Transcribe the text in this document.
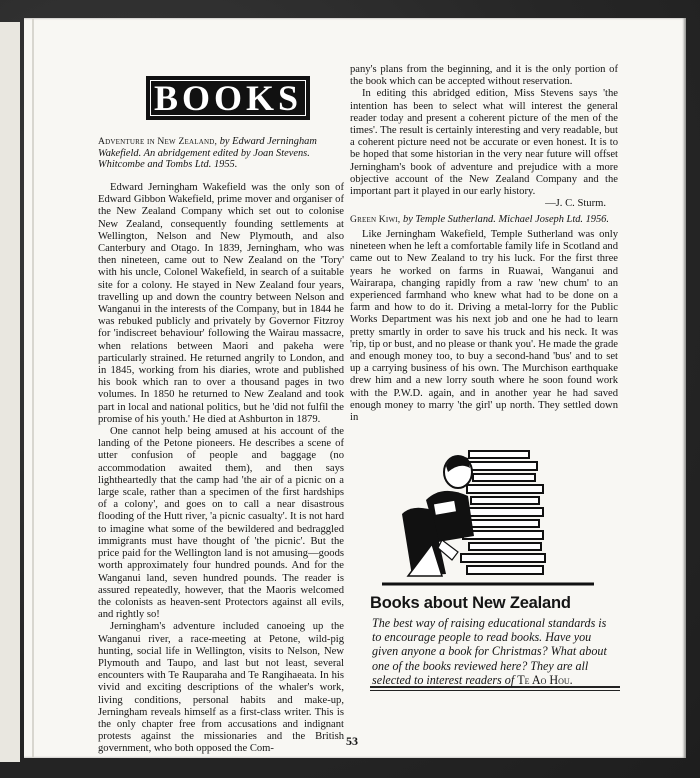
BOOKS

Adventure in New Zealand, by Edward Jerningham Wakefield. An abridgement edited by Joan Stevens. Whitcombe and Tombs Ltd. 1955.

Edward Jerningham Wakefield was the only son of Edward Gibbon Wakefield, prime mover and organiser of the New Zealand Company which set out to colonise New Zealand, consequently founding settlements at Wellington, Nelson and New Plymouth, and also Canterbury and Otago. In 1839, Jerningham, who was then nineteen, came out to New Zealand on the 'Tory' with his uncle, Colonel Wakefield, in search of a suitable site for a colony. He stayed in New Zealand four years, travelling up and down the country between Nelson and Wanganui in the interests of the Company, but in 1844 he was rebuked publicly and privately by Governor Fitzroy for 'indiscreet behaviour' following the Wairau massacre, when relations between Maori and pakeha were particularly strained. He returned angrily to London, and in 1845, working from his diaries, wrote and published his book which ran to over a thousand pages in two volumes. In 1850 he returned to New Zealand and took part in local and national politics, but he 'did not fulfil the promise of his youth.' He died at Ashburton in 1879.

One cannot help being amused at his account of the landing of the Petone pioneers. He describes a scene of utter confusion of people and baggage (no accommodation awaited them), and then says lightheartedly that the camp had 'the air of a picnic on a large scale, rather than a specimen of the first hardships of a colony', and goes on to call a near disastrous flooding of the Hutt river, 'a picnic casualty'. It is not hard to imagine what some of the bewildered and bedraggled immigrants must have thought of 'the picnic'. But the price paid for the Wellington land is not amusing—goods worth approximately four hundred pounds. And for the Wanganui land, seven hundred pounds. The reader is assured repeatedly, however, that the Maoris welcomed the colonists as heaven-sent Protectors against all evils, and rightly so!

Jerningham's adventure included canoeing up the Wanganui river, a race-meeting at Petone, wild-pig hunting, social life in Wellington, visits to Nelson, New Plymouth and Taupo, and last but not least, several encounters with Te Rauparaha and Te Rangihaeata. In his vivid and exciting descriptions of the whaler's work, living conditions, personal habits and make-up, Jerningham reveals himself as a first-class writer. This is the only chapter free from accusations and indignant protests against the missionaries and the British government, who both opposed the Com-

pany's plans from the beginning, and it is the only portion of the book which can be accepted without reservation.

In editing this abridged edition, Miss Stevens says 'the intention has been to select what will interest the general reader today and present a coherent picture of the men of the times'. The result is certainly interesting and very readable, but a coherent picture need not be accurate or even honest. It is to be hoped that some historian in the very near future will offset Jerningham's book of adventure and prejudice with a more objective account of the New Zealand Company and the important part it played in our early history.

—J. C. Sturm.

Green Kiwi, by Temple Sutherland. Michael Joseph Ltd. 1956.

Like Jerningham Wakefield, Temple Sutherland was only nineteen when he left a comfortable family life in Scotland and came out to New Zealand to try his luck. For the first three years he worked on farms in Ruawai, Wanganui and Wairarapa, changing rapidly from a raw 'new chum' to an experienced farmhand who knew what had to be done on a farm and how to do it. Driving a metal-lorry for the Public Works Department was his next job and one he had to learn pretty smartly in order to save his truck and his neck. It was 'rip, tip or bust, and no please or thank you'. He made the grade and enough money too, to buy a second-hand 'bus' and to set up a carrying business of his own. The Murchison earthquake drew him and a new lorry south where he soon found work with the P.W.D. again, and in another year he had saved enough money to marry 'the girl' up north. They settled down in

Books about New Zealand
The best way of raising educational standards is to encourage people to read books. Have you given anyone a book for Christmas? What about one of the books reviewed here? They are all selected to interest readers of Te Ao Hou.
53
